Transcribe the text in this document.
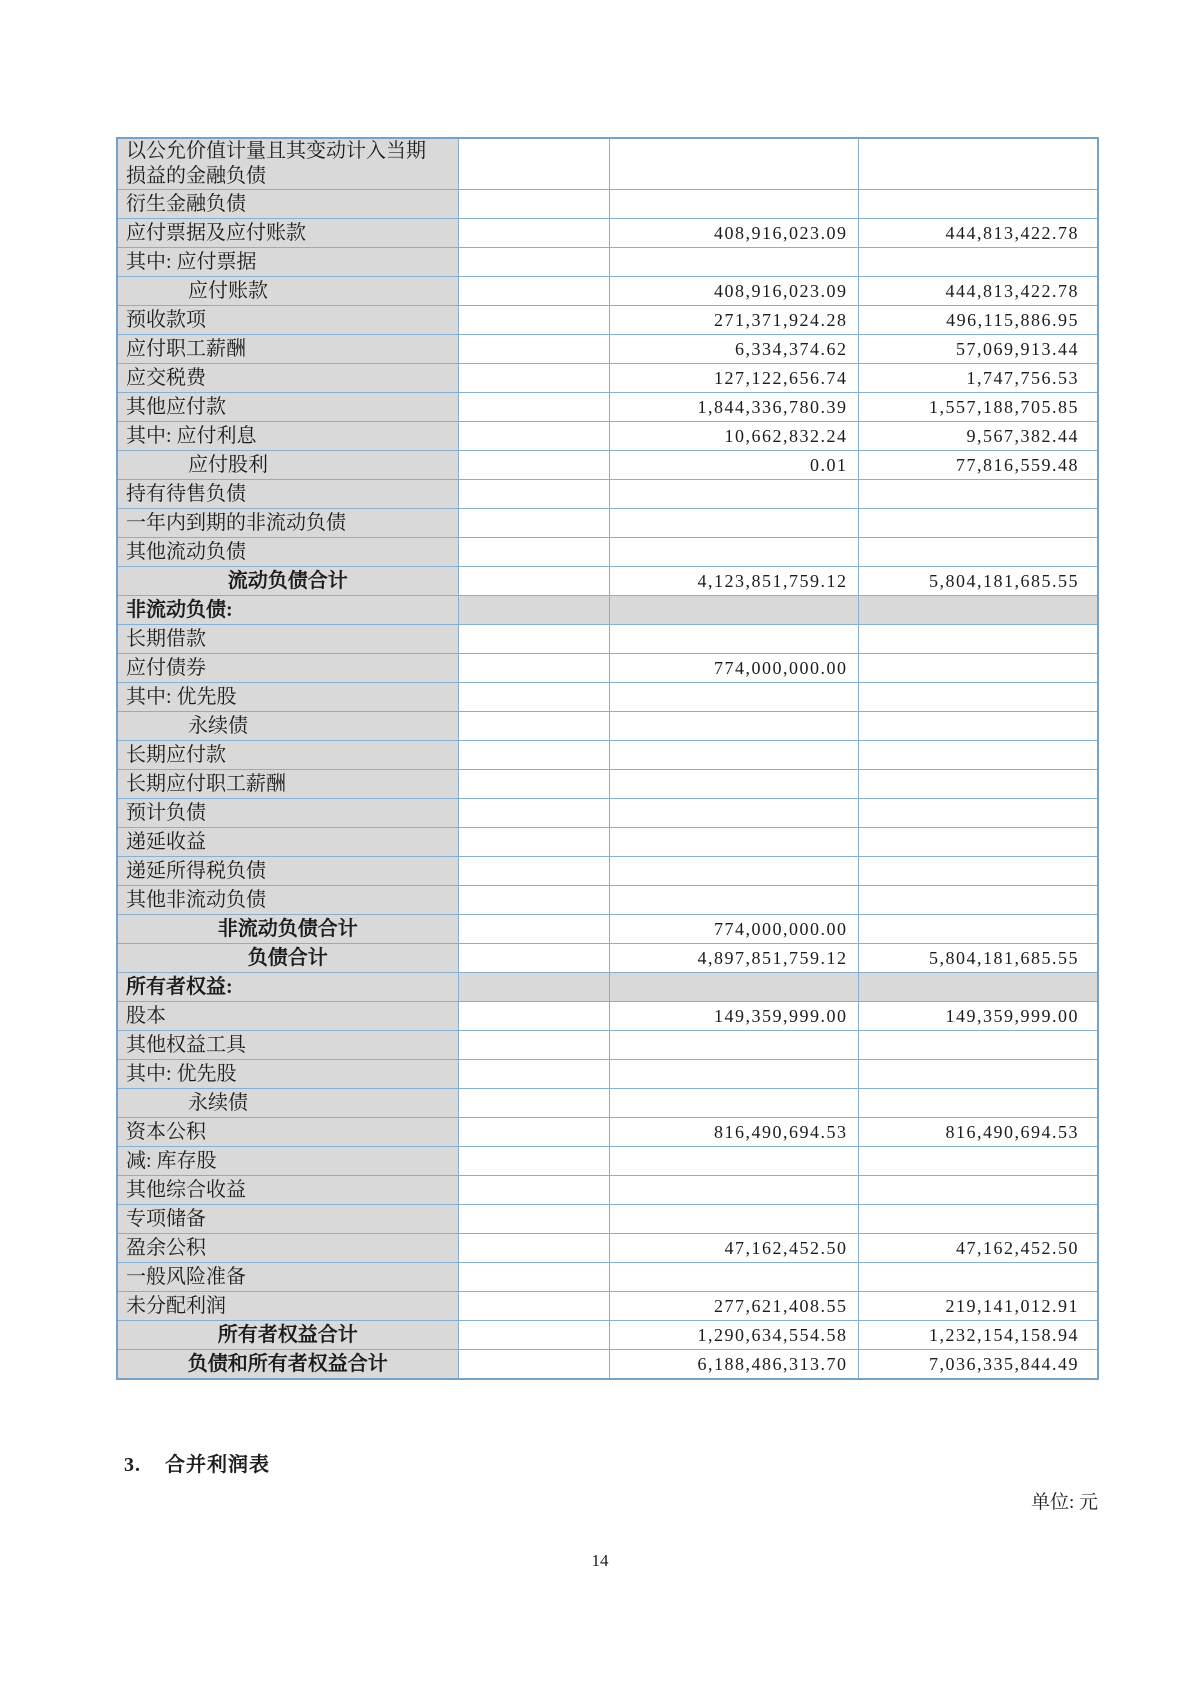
以公允价值计量且其变动计入当期损益的金融负债			
衍生金融负债			
应付票据及应付账款		408,916,023.09	444,813,422.78
其中: 应付票据			
应付账款		408,916,023.09	444,813,422.78
预收款项		271,371,924.28	496,115,886.95
应付职工薪酬		6,334,374.62	57,069,913.44
应交税费		127,122,656.74	1,747,756.53
其他应付款		1,844,336,780.39	1,557,188,705.85
其中: 应付利息		10,662,832.24	9,567,382.44
应付股利		0.01	77,816,559.48
持有待售负债			
一年内到期的非流动负债			
其他流动负债			
流动负债合计		4,123,851,759.12	5,804,181,685.55
非流动负债:			
长期借款			
应付债券		774,000,000.00	
其中: 优先股			
永续债			
长期应付款			
长期应付职工薪酬			
预计负债			
递延收益			
递延所得税负债			
其他非流动负债			
非流动负债合计		774,000,000.00	
负债合计		4,897,851,759.12	5,804,181,685.55
所有者权益:			
股本		149,359,999.00	149,359,999.00
其他权益工具			
其中: 优先股			
永续债			
资本公积		816,490,694.53	816,490,694.53
减: 库存股			
其他综合收益			
专项储备			
盈余公积		47,162,452.50	47,162,452.50
一般风险准备			
未分配利润		277,621,408.55	219,141,012.91
所有者权益合计		1,290,634,554.58	1,232,154,158.94
负债和所有者权益合计		6,188,486,313.70	7,036,335,844.49
3. 合并利润表
单位: 元
14
